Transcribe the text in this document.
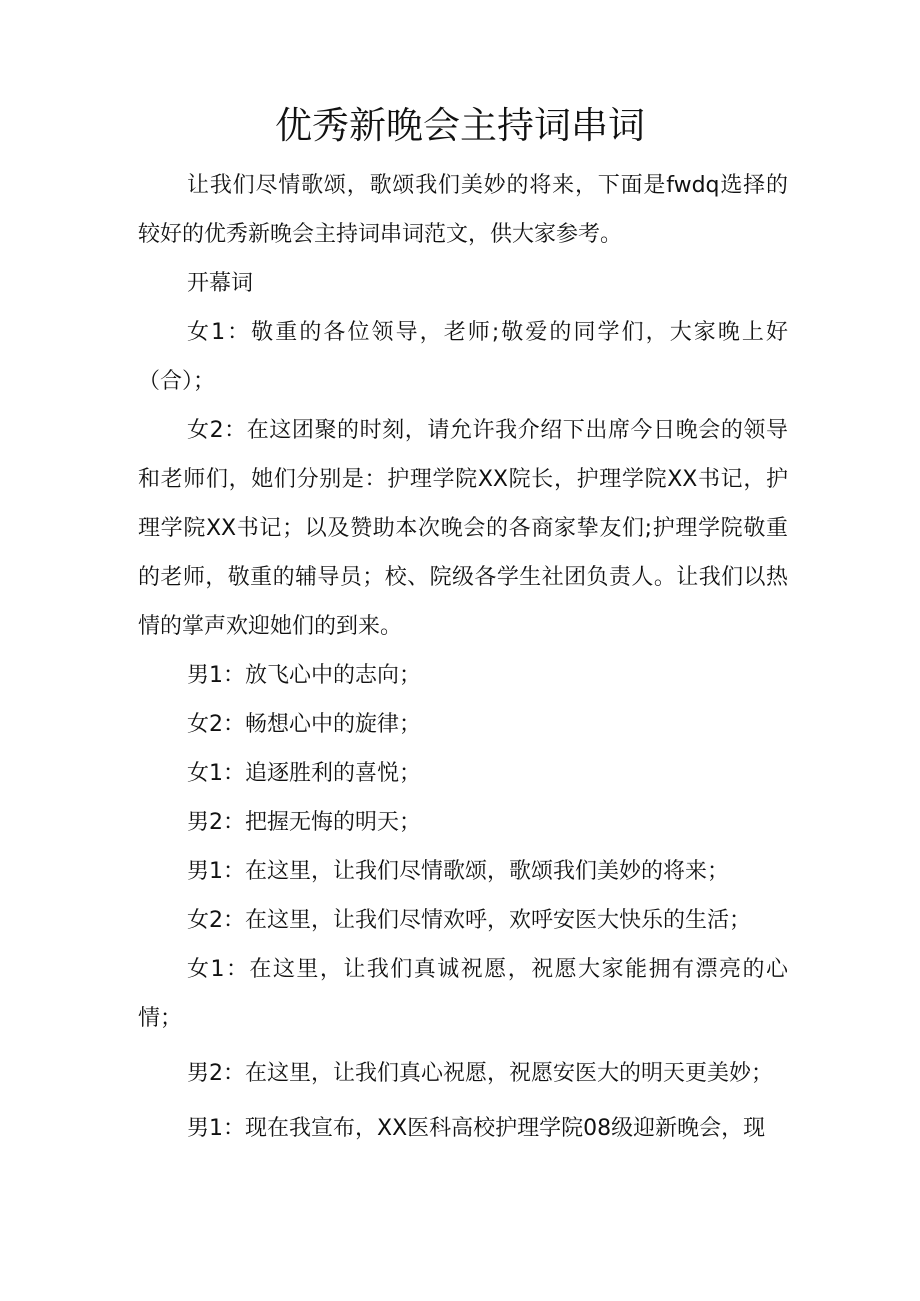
优秀新晚会主持词串词

让我们尽情歌颂，歌颂我们美妙的将来，下面是fwdq选择的较好的优秀新晚会主持词串词范文，供大家参考。

开幕词

女1：敬重的各位领导，老师;敬爱的同学们，大家晚上好（合）；

女2：在这团聚的时刻，请允许我介绍下出席今日晚会的领导和老师们，她们分别是：护理学院XX院长，护理学院XX书记，护理学院XX书记；以及赞助本次晚会的各商家挚友们;护理学院敬重的老师，敬重的辅导员；校、院级各学生社团负责人。让我们以热情的掌声欢迎她们的到来。

男1：放飞心中的志向；

女2：畅想心中的旋律；

女1：追逐胜利的喜悦；

男2：把握无悔的明天；

男1：在这里，让我们尽情歌颂，歌颂我们美妙的将来；

女2：在这里，让我们尽情欢呼，欢呼安医大快乐的生活；

女1：在这里，让我们真诚祝愿，祝愿大家能拥有漂亮的心情；

男2：在这里，让我们真心祝愿，祝愿安医大的明天更美妙；

男1：现在我宣布，XX医科高校护理学院08级迎新晚会，现
